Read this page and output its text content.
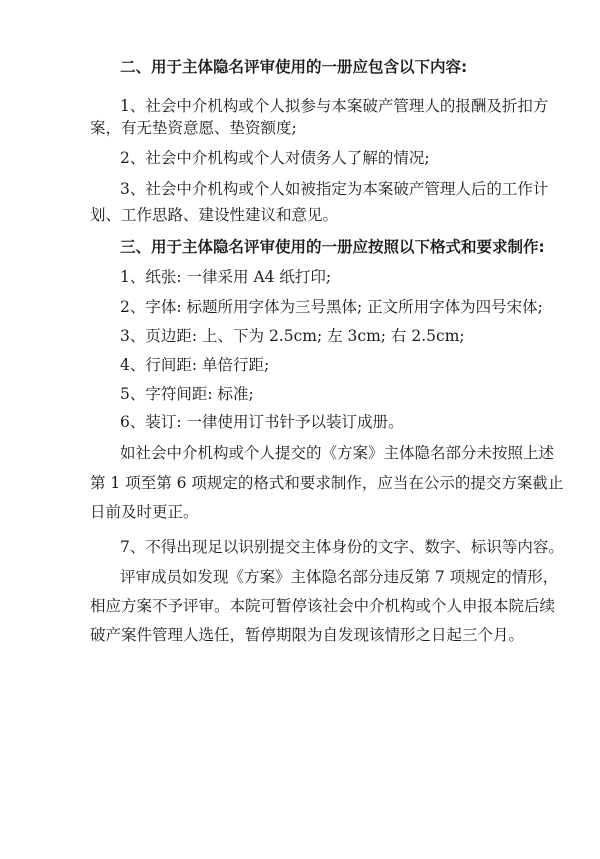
二、用于主体隐名评审使用的一册应包含以下内容:
1、社会中介机构或个人拟参与本案破产管理人的报酬及折扣方
案，有无垫资意愿、垫资额度;
2、社会中介机构或个人对债务人了解的情况;
3、社会中介机构或个人如被指定为本案破产管理人后的工作计
划、工作思路、建设性建议和意见。
三、用于主体隐名评审使用的一册应按照以下格式和要求制作:
1、纸张: 一律采用 A4 纸打印;
2、字体: 标题所用字体为三号黑体; 正文所用字体为四号宋体;
3、页边距: 上、下为 2.5cm; 左 3cm; 右 2.5cm;
4、行间距: 单倍行距;
5、字符间距: 标准;
6、装订: 一律使用订书针予以装订成册。
如社会中介机构或个人提交的《方案》主体隐名部分未按照上述
第 1 项至第 6 项规定的格式和要求制作，应当在公示的提交方案截止
日前及时更正。
7、不得出现足以识别提交主体身份的文字、数字、标识等内容。
评审成员如发现《方案》主体隐名部分违反第 7 项规定的情形，
相应方案不予评审。本院可暂停该社会中介机构或个人申报本院后续
破产案件管理人选任，暂停期限为自发现该情形之日起三个月。
